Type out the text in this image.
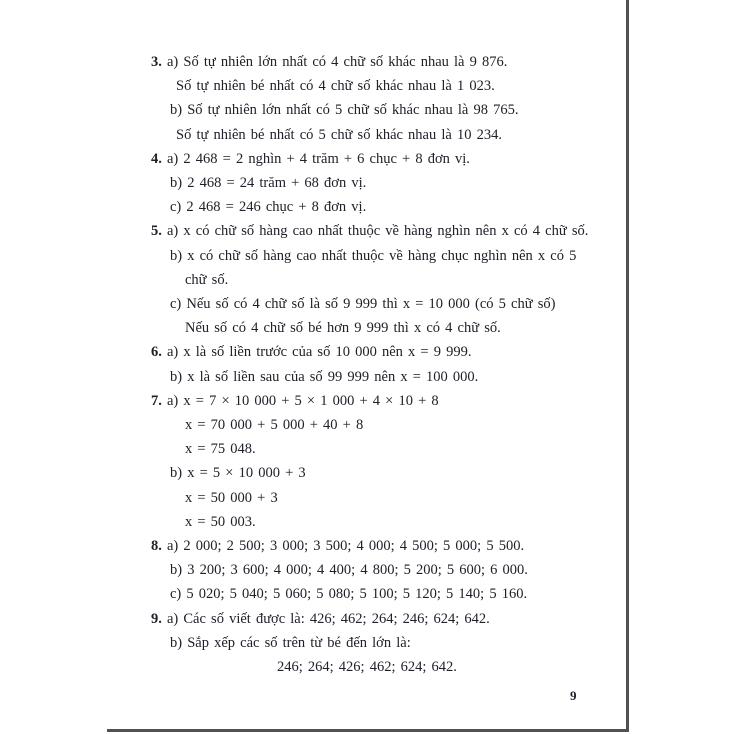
3. a) Số tự nhiên lớn nhất có 4 chữ số khác nhau là 9 876.
Số tự nhiên bé nhất có 4 chữ số khác nhau là 1 023.
b) Số tự nhiên lớn nhất có 5 chữ số khác nhau là 98 765.
Số tự nhiên bé nhất có 5 chữ số khác nhau là 10 234.
4. a) 2 468 = 2 nghìn + 4 trăm + 6 chục + 8 đơn vị.
b) 2 468 = 24 trăm + 68 đơn vị.
c) 2 468 = 246 chục + 8 đơn vị.
5. a) x có chữ số hàng cao nhất thuộc về hàng nghìn nên x có 4 chữ số.
b) x có chữ số hàng cao nhất thuộc về hàng chục nghìn nên x có 5
chữ số.
c) Nếu số có 4 chữ số là số 9 999 thì x = 10 000 (có 5 chữ số)
Nếu số có 4 chữ số bé hơn 9 999 thì x có 4 chữ số.
6. a) x là số liền trước của số 10 000 nên x = 9 999.
b) x là số liền sau của số 99 999 nên x = 100 000.
7. a) x = 7 × 10 000 + 5 × 1 000 + 4 × 10 + 8
x = 70 000 + 5 000 + 40 + 8
x = 75 048.
b) x = 5 × 10 000 + 3
x = 50 000 + 3
x = 50 003.
8. a) 2 000; 2 500; 3 000; 3 500; 4 000; 4 500; 5 000; 5 500.
b) 3 200; 3 600; 4 000; 4 400; 4 800; 5 200; 5 600; 6 000.
c) 5 020; 5 040; 5 060; 5 080; 5 100; 5 120; 5 140; 5 160.
9. a) Các số viết được là: 426; 462; 264; 246; 624; 642.
b) Sắp xếp các số trên từ bé đến lớn là:
246; 264; 426; 462; 624; 642.
9
